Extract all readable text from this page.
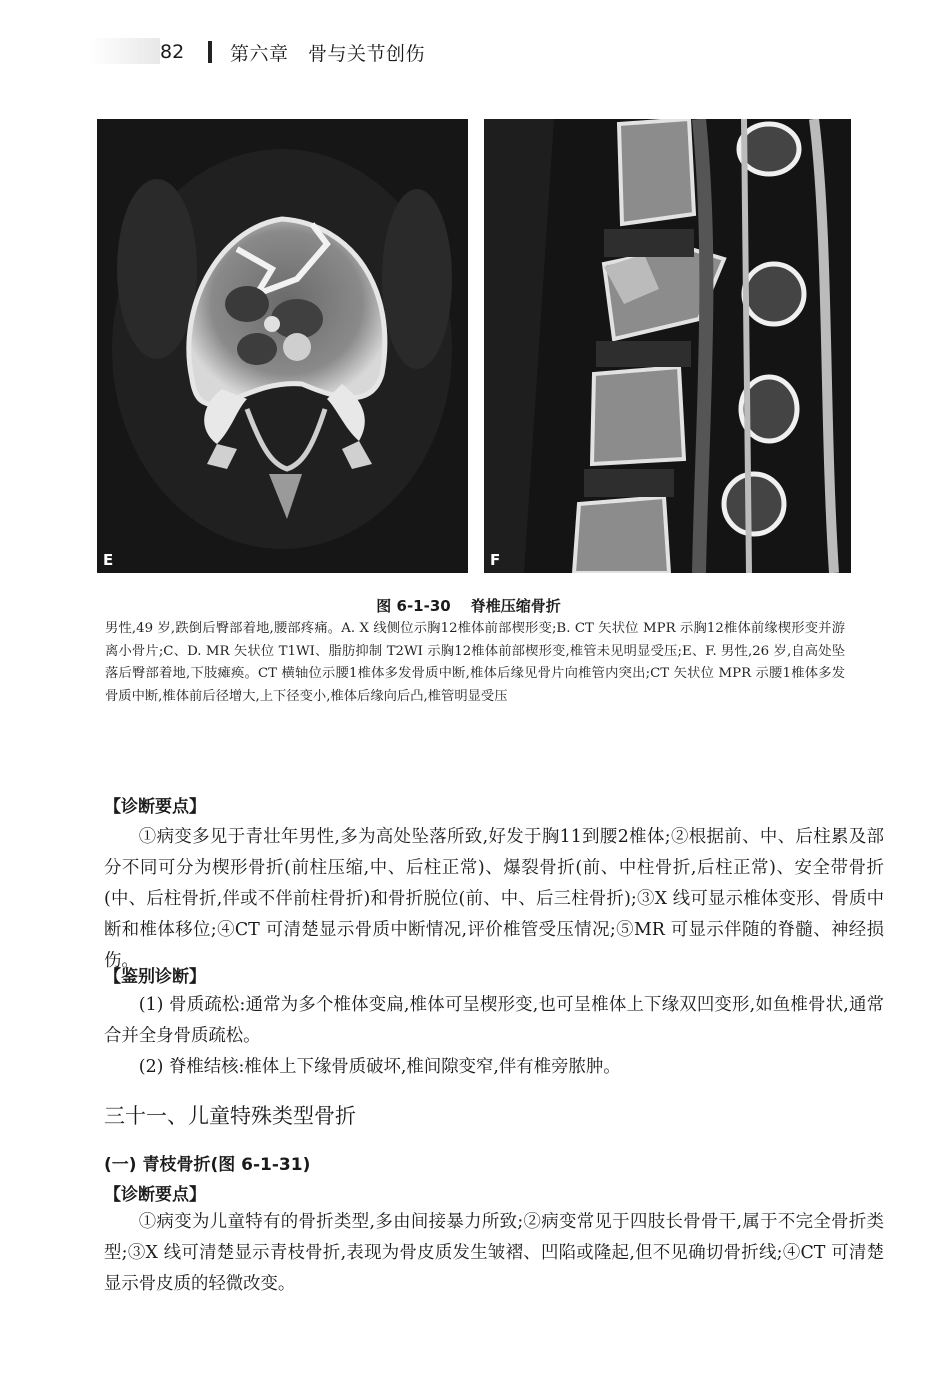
82	第六章　骨与关节创伤
E	F
图 6-1-30 脊椎压缩骨折
男性,49 岁,跌倒后臀部着地,腰部疼痛。A. X 线侧位示胸12椎体前部楔形变;B. CT 矢状位 MPR 示胸12椎体前缘楔形变并游离小骨片;C、D. MR 矢状位 T1WI、脂肪抑制 T2WI 示胸12椎体前部楔形变,椎管未见明显受压;E、F. 男性,26 岁,自高处坠落后臀部着地,下肢瘫痪。CT 横轴位示腰1椎体多发骨质中断,椎体后缘见骨片向椎管内突出;CT 矢状位 MPR 示腰1椎体多发骨质中断,椎体前后径增大,上下径变小,椎体后缘向后凸,椎管明显受压
【诊断要点】
①病变多见于青壮年男性,多为高处坠落所致,好发于胸11到腰2椎体;②根据前、中、后柱累及部分不同可分为楔形骨折(前柱压缩,中、后柱正常)、爆裂骨折(前、中柱骨折,后柱正常)、安全带骨折(中、后柱骨折,伴或不伴前柱骨折)和骨折脱位(前、中、后三柱骨折);③X 线可显示椎体变形、骨质中断和椎体移位;④CT 可清楚显示骨质中断情况,评价椎管受压情况;⑤MR 可显示伴随的脊髓、神经损伤。
【鉴别诊断】
(1) 骨质疏松:通常为多个椎体变扁,椎体可呈楔形变,也可呈椎体上下缘双凹变形,如鱼椎骨状,通常合并全身骨质疏松。
(2) 脊椎结核:椎体上下缘骨质破坏,椎间隙变窄,伴有椎旁脓肿。
三十一、儿童特殊类型骨折
(一) 青枝骨折(图 6-1-31)
【诊断要点】
①病变为儿童特有的骨折类型,多由间接暴力所致;②病变常见于四肢长骨骨干,属于不完全骨折类型;③X 线可清楚显示青枝骨折,表现为骨皮质发生皱褶、凹陷或隆起,但不见确切骨折线;④CT 可清楚显示骨皮质的轻微改变。
